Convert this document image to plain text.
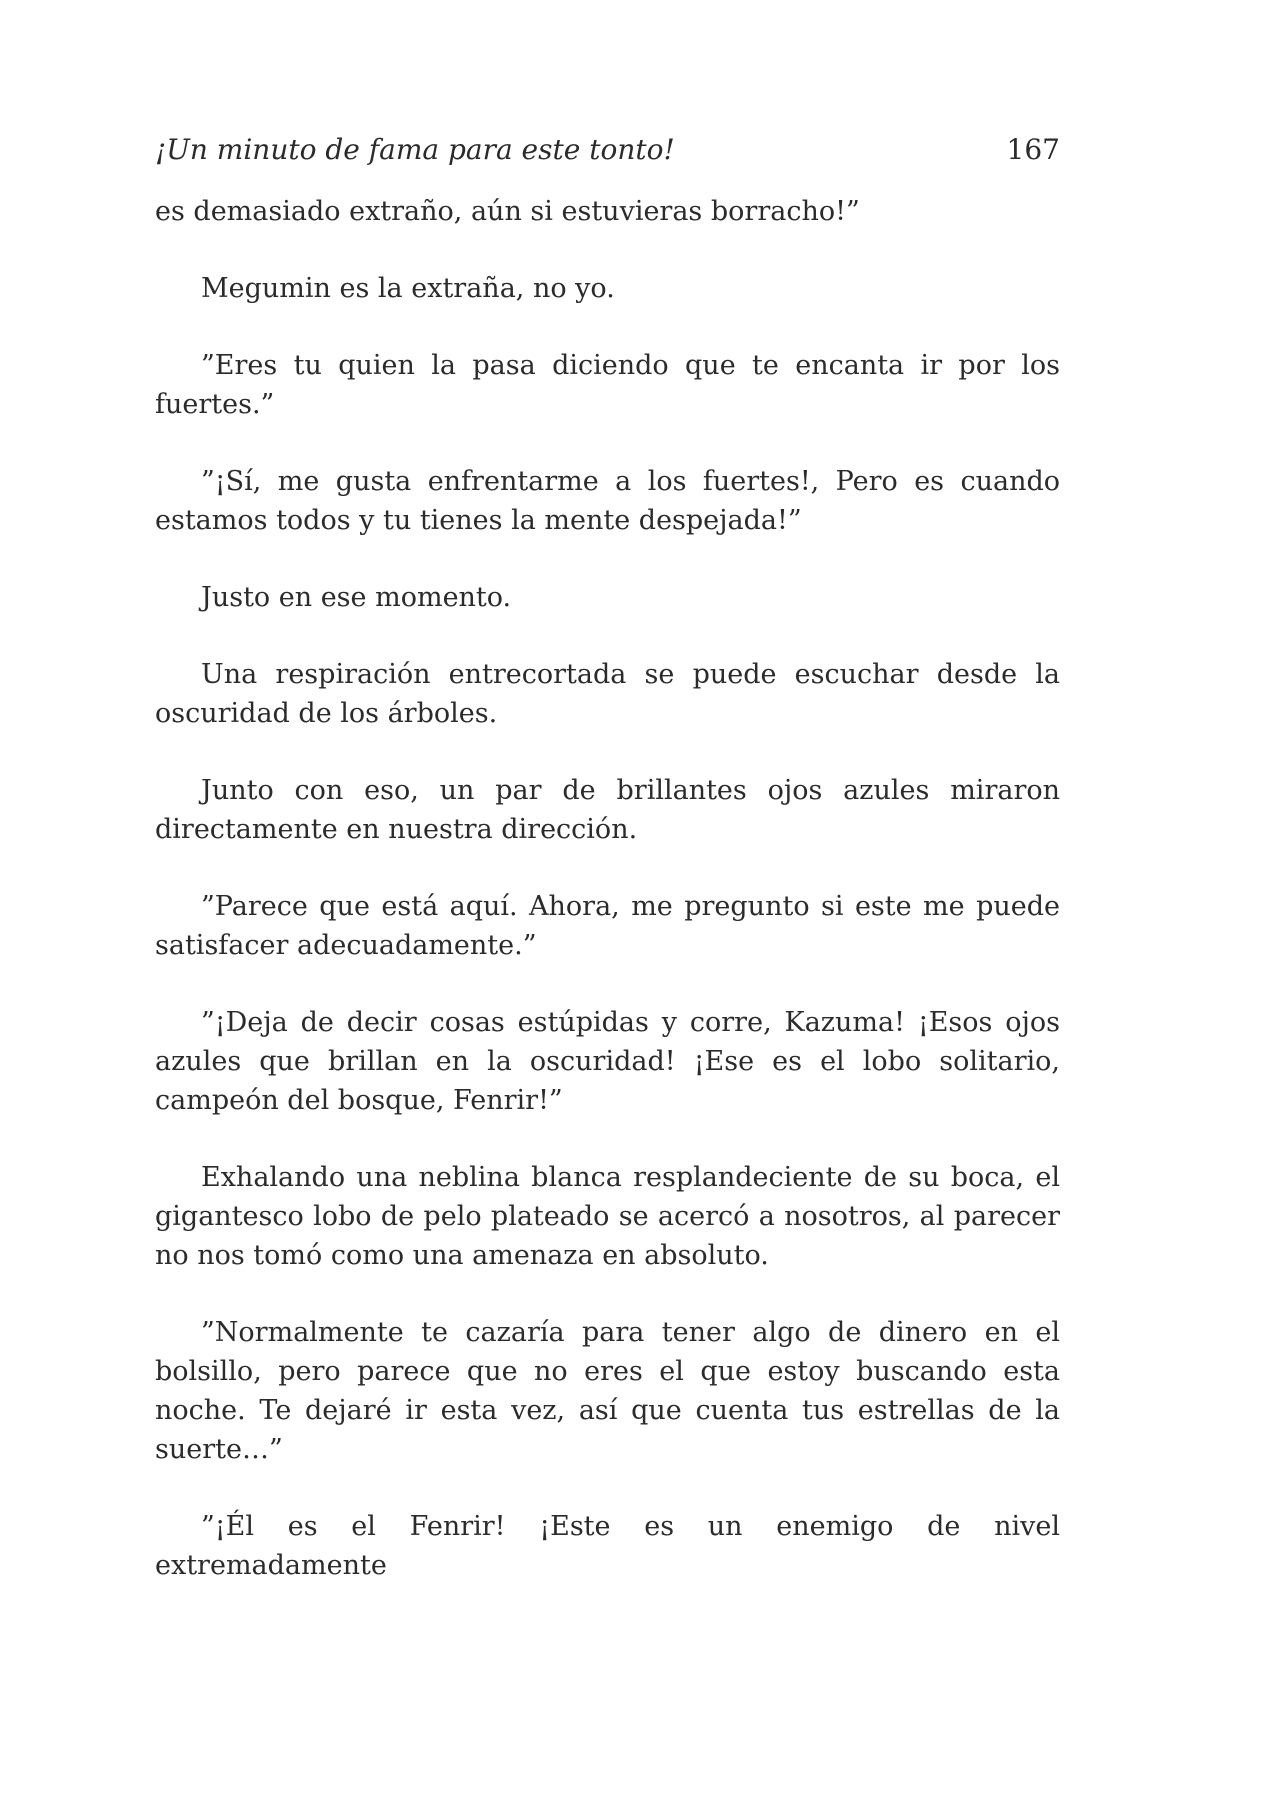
¡Un minuto de fama para este tonto!	167

es demasiado extraño, aún si estuvieras borracho!”

Megumin es la extraña, no yo.

”Eres tu quien la pasa diciendo que te encanta ir por los fuertes.”

”¡Sí, me gusta enfrentarme a los fuertes!, Pero es cuando estamos todos y tu tienes la mente despejada!”

Justo en ese momento.

Una respiración entrecortada se puede escuchar desde la oscuridad de los árboles.

Junto con eso, un par de brillantes ojos azules miraron directamente en nuestra dirección.

”Parece que está aquí. Ahora, me pregunto si este me puede satisfacer adecuadamente.”

”¡Deja de decir cosas estúpidas y corre, Kazuma! ¡Esos ojos azules que brillan en la oscuridad! ¡Ese es el lobo solitario, campeón del bosque, Fenrir!”

Exhalando una neblina blanca resplandeciente de su boca, el gigantesco lobo de pelo plateado se acercó a nosotros, al parecer no nos tomó como una amenaza en absoluto.

”Normalmente te cazaría para tener algo de dinero en el bolsillo, pero parece que no eres el que estoy buscando esta noche. Te dejaré ir esta vez, así que cuenta tus estrellas de la suerte…”

”¡Él es el Fenrir! ¡Este es un enemigo de nivel extremadamente
